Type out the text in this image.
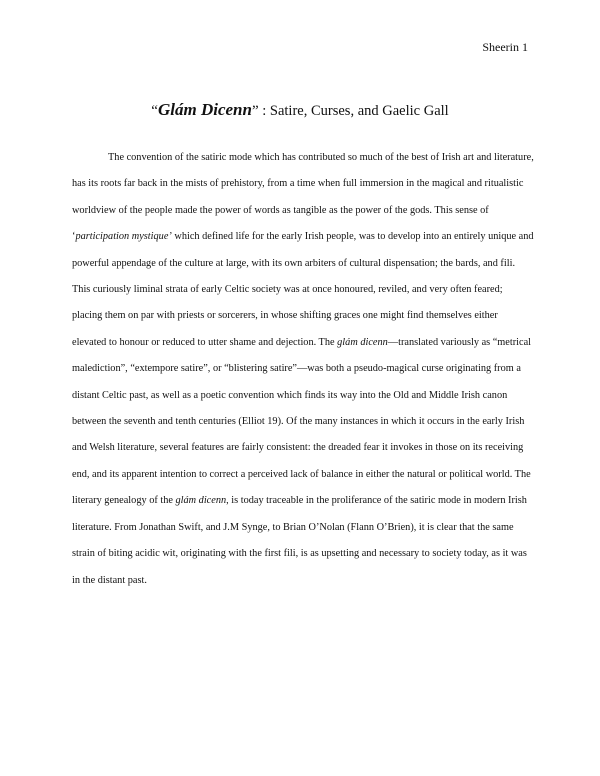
Sheerin 1
“Glám Dicenn” : Satire, Curses, and Gaelic Gall

The convention of the satiric mode which has contributed so much of the best of Irish art and literature, has its roots far back in the mists of prehistory, from a time when full immersion in the magical and ritualistic worldview of the people made the power of words as tangible as the power of the gods. This sense of ‘participation mystique’ which defined life for the early Irish people, was to develop into an entirely unique and powerful appendage of the culture at large, with its own arbiters of cultural dispensation; the bards, and fili. This curiously liminal strata of early Celtic society was at once honoured, reviled, and very often feared; placing them on par with priests or sorcerers, in whose shifting graces one might find themselves either elevated to honour or reduced to utter shame and dejection. The glám dicenn—translated variously as “metrical malediction”, “extempore satire”, or “blistering satire”—was both a pseudo-magical curse originating from a distant Celtic past, as well as a poetic convention which finds its way into the Old and Middle Irish canon between the seventh and tenth centuries (Elliot 19). Of the many instances in which it occurs in the early Irish and Welsh literature, several features are fairly consistent: the dreaded fear it invokes in those on its receiving end, and its apparent intention to correct a perceived lack of balance in either the natural or political world. The literary genealogy of the glám dicenn, is today traceable in the proliferance of the satiric mode in modern Irish literature. From Jonathan Swift, and J.M Synge, to Brian O’Nolan (Flann O’Brien), it is clear that the same strain of biting acidic wit, originating with the first fili, is as upsetting and necessary to society today, as it was in the distant past.
